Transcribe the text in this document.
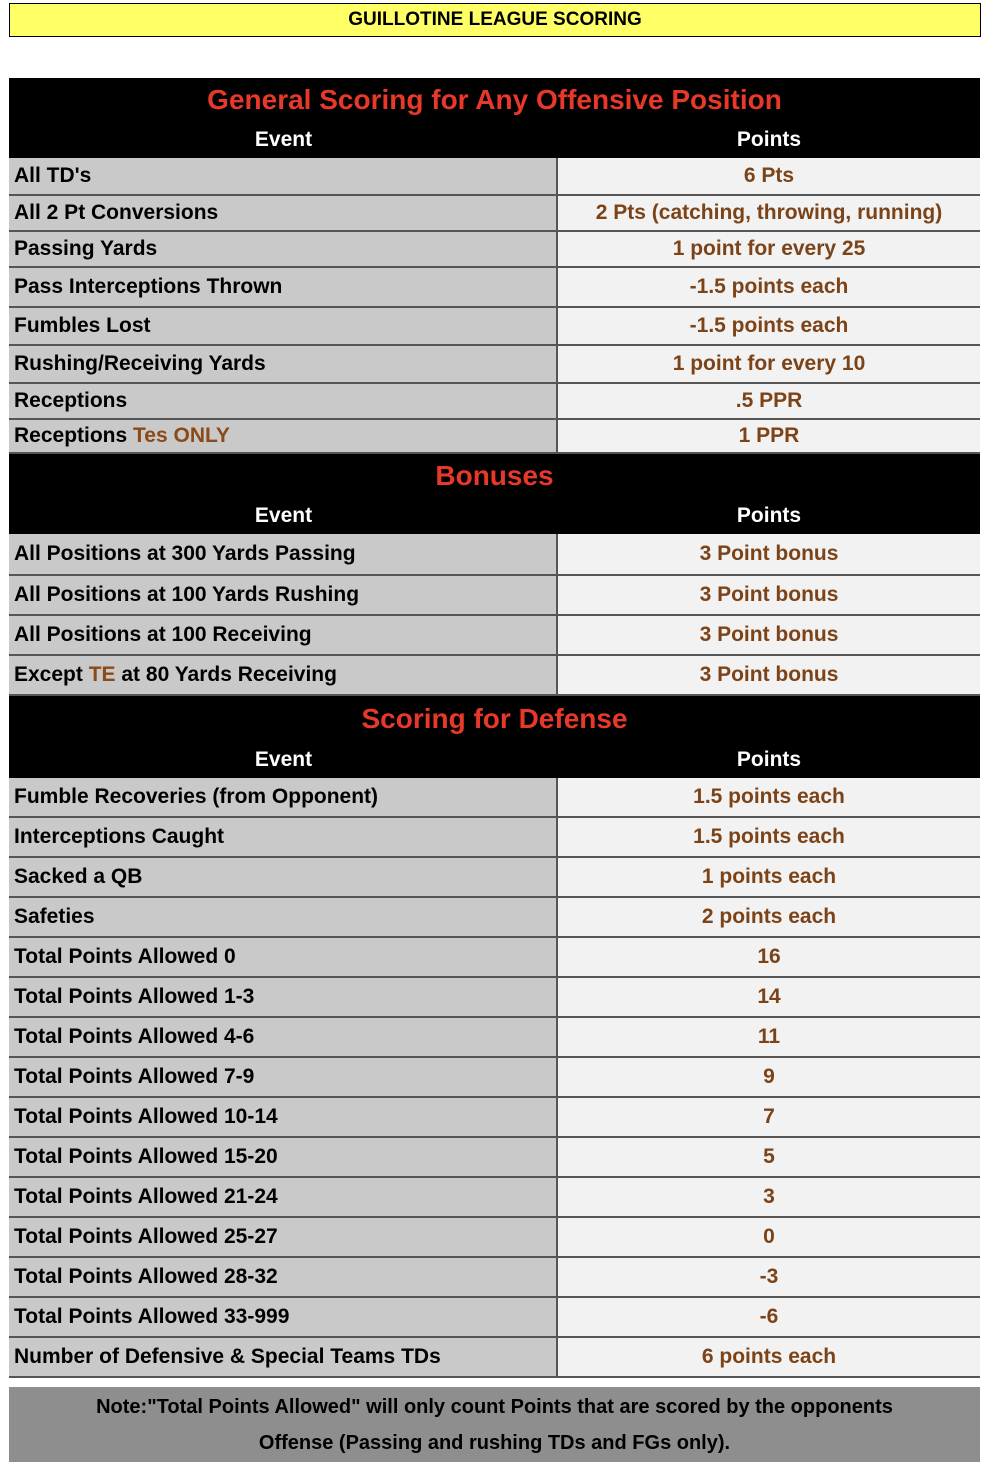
GUILLOTINE LEAGUE SCORING
General Scoring for Any Offensive Position
Event	Points
All TD's	6 Pts
All 2 Pt Conversions	2 Pts (catching, throwing, running)
Passing Yards	1 point for every 25
Pass Interceptions Thrown	-1.5 points each
Fumbles Lost	-1.5 points each
Rushing/Receiving Yards	1 point for every 10
Receptions	.5 PPR
Receptions Tes ONLY	1 PPR
Bonuses
Event	Points
All Positions at 300 Yards Passing	3 Point bonus
All Positions at 100 Yards Rushing	3 Point bonus
All Positions at 100 Receiving	3 Point bonus
Except TE at 80 Yards Receiving	3 Point bonus
Scoring for Defense
Event	Points
Fumble Recoveries (from Opponent)	1.5 points each
Interceptions Caught	1.5 points each
Sacked a QB	1 points each
Safeties	2 points each
Total Points Allowed 0	16
Total Points Allowed 1-3	14
Total Points Allowed 4-6	11
Total Points Allowed 7-9	9
Total Points Allowed 10-14	7
Total Points Allowed 15-20	5
Total Points Allowed 21-24	3
Total Points Allowed 25-27	0
Total Points Allowed 28-32	-3
Total Points Allowed 33-999	-6
Number of Defensive & Special Teams TDs	6 points each
Note:"Total Points Allowed" will only count Points that are scored by the opponents
Offense (Passing and rushing TDs and FGs only).
